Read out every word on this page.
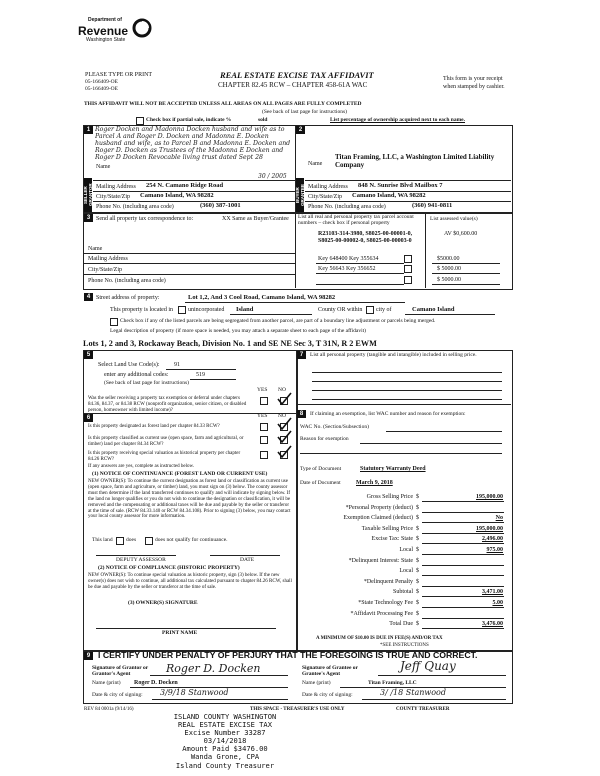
Department of
Revenue
Washington State
PLEASE TYPE OR PRINT
05-166409-OE
05-166409-OE
REAL ESTATE EXCISE TAX AFFIDAVIT
CHAPTER 82.45 RCW – CHAPTER 458-61A WAC
This form is your receipt
when stamped by cashier.
THIS AFFIDAVIT WILL NOT BE ACCEPTED UNLESS ALL AREAS ON ALL PAGES ARE FULLY COMPLETED
(See back of last page for instructions)
Check box if partial sale, indicate %	sold	List percentage of ownership acquired next to each name.
SELLER GRANTOR
1
Name
Roger Docken and Madonna Docken husband and wife as to Parcel A and Roger D. Docken and Madonna E. Docken husband and wife, as to Parcel B and Madonna E. Docken and Roger D. Docken as Trustees of the Madonna E Docken and Roger D Docken Revocable living trust dated Sept 28
30 / 2005
Mailing Address 254 N. Camano Ridge Road
City/State/Zip Camano Island, WA 98282
Phone No. (including area code)	(360) 387-1001
2
BUYER GRANTEE
Name
Titan Framing, LLC, a Washington Limited Liability Company
Mailing Address 848 N. Sunrise Blvd Mailbox 7
City/State/Zip Camano Island, WA 98282
Phone No. (including area code)	(360) 941-0811
3 Send all property tax correspondence to:	XX Same as Buyer/Grantee
Name
Mailing Address
City/State/Zip
Phone No. (including area code)
List all real and personal property tax parcel account numbers – check box if personal property
List assessed value(s)
R23103-314-3980, S8025-00-00001-0, S8025-00-00002-0, S8025-00-00003-0
AV $0,600.00
Key 648400 Key 355634	$5000.00
Key 56643 Key 356652	$ 5000.00
$ 5000.00
4 Street address of property:	Lot 1,2, And 3 Cool Road, Camano Island, WA 98282
This property is located in	unincorporated Island	County OR within city of	Camano Island
Check box if any of the listed parcels are being segregated from another parcel, are part of a boundary line adjustment or parcels being merged.
Legal description of property (if more space is needed, you may attach a separate sheet to each page of the affidavit)
Lots 1, 2 and 3, Rockaway Beach, Division No. 1 and SE NE Sec 3, T 31N, R 2 EWM
5
Select Land Use Code(s): 91
enter any additional codes:	519
(See back of last page for instructions)
YES NO
Was the seller receiving a property tax exemption or deferral under chapters 84.36, 84.37, or 84.38 RCW (nonprofit organization, senior citizen, or disabled person, homeowner with limited income)?
6	YES NO
Is this property designated as forest land per chapter 84.33 RCW?
Is this property classified as current use (open space, farm and agricultural, or timber) land per chapter 84.34 RCW?
Is this property receiving special valuation as historical property per chapter 84.26 RCW?
If any answers are yes, complete as instructed below.
(1) NOTICE OF CONTINUANCE (FOREST LAND OR CURRENT USE)
NEW OWNER(S): To continue the current designation as forest land or classification as current use (open space, farm and agriculture, or timber) land, you must sign on (3) below. The county assessor must then determine if the land transferred continues to qualify and will indicate by signing below. If the land no longer qualifies or you do not wish to continue the designation or classification, it will be removed and the compensating or additional taxes will be due and payable by the seller or transferor at the time of sale. (RCW 84.33.140 or RCW 84.34.108). Prior to signing (3) below, you may contact your local county assessor for more information.
This land does	does not qualify for continuance.
DEPUTY ASSESSOR	DATE
(2) NOTICE OF COMPLIANCE (HISTORIC PROPERTY)
NEW OWNER(S): To continue special valuation as historic property, sign (3) below. If the new owner(s) does not wish to continue, all additional tax calculated pursuant to chapter 84.26 RCW, shall be due and payable by the seller or transferor at the time of sale.
(3) OWNER(S) SIGNATURE
PRINT NAME
7	List all personal property (tangible and intangible) included in selling price.
8	If claiming an exemption, list WAC number and reason for exemption:
WAC No. (Section/Subsection)
Reason for exemption
Type of Document	Statutory Warranty Deed
Date of Document	March 9, 2018
Gross Selling Price $	195,000.00
*Personal Property (deduct) $
Exemption Claimed (deduct) $	No
Taxable Selling Price $	195,000.00
Excise Tax: State $	2,496.00
Local $	975.00
*Delinquent Interest: State $
Local $
*Delinquent Penalty $
Subtotal $	3,471.00
*State Technology Fee $	5.00
*Affidavit Processing Fee $
Total Due $	3,476.00
A MINIMUM OF $10.00 IS DUE IN FEE(S) AND/OR TAX
*SEE INSTRUCTIONS
9 I CERTIFY UNDER PENALTY OF PERJURY THAT THE FOREGOING IS TRUE AND CORRECT.
Signature of Grantor or Grantor's Agent	Roger D. Docken
Name (print) Roger D. Docken
Date & city of signing: 3/9/18 Stanwood
Signature of Grantee or Grantee's Agent
Jeff Quay
Name (print)	Titan Framing, LLC
Date & city of signing:	3/ /18 Stanwood
REV 84 0001a (9/14/16)	THIS SPACE - TREASURER'S USE ONLY	COUNTY TREASURER
ISLAND COUNTY WASHINGTON
REAL ESTATE EXCISE TAX
Excise Number 33287
03/14/2018
Amount Paid $3476.00
Wanda Grone, CPA
Island County Treasurer
